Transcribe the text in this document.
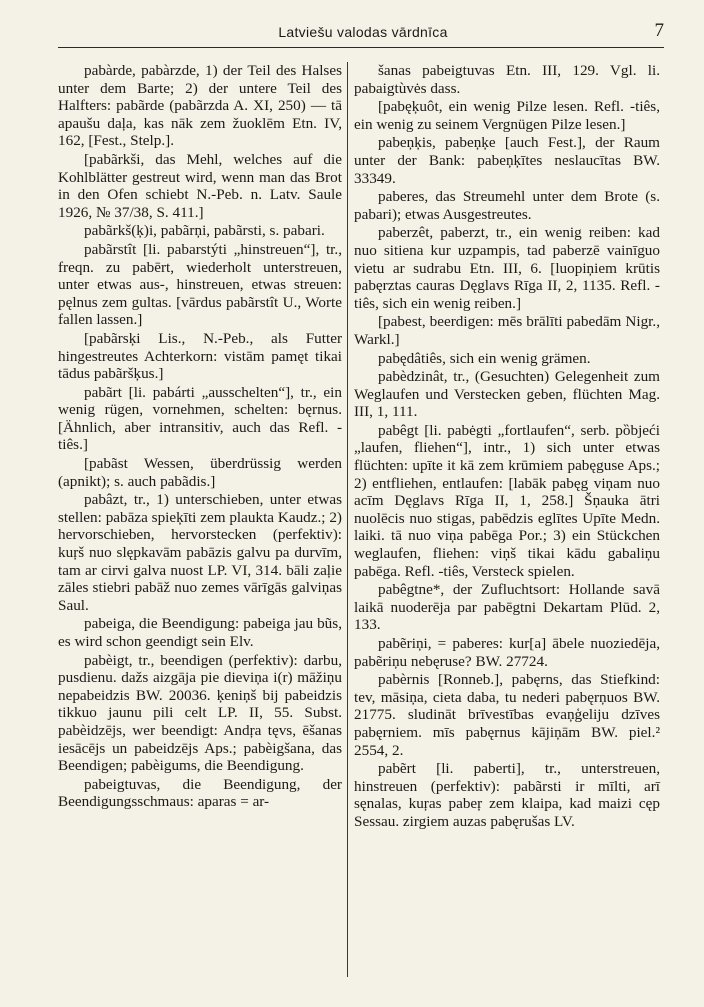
Latviešu valodas vārdnīca	7

pabàrde, pabàrzde, 1) der Teil des Halses unter dem Barte; 2) der untere Teil des Halfters: pabãrde (pabãrzda A. XI, 250) — tā apaušu daļa, kas nāk zem žuoklēm Etn. IV, 162, [Fest., Stelp.].

[pabãrkši, das Mehl, welches auf die Kohlblätter gestreut wird, wenn man das Brot in den Ofen schiebt N.-Peb. n. Latv. Saule 1926, № 37/38, S. 411.]

pabãrkš(ķ)i, pabãrņi, pabãrsti, s. pabari.

pabãrstît [li. pabarstýti „hinstreuen“], tr., freqn. zu pabērt, wiederholt unterstreuen, unter etwas aus-, hinstreuen, etwas streuen: pęlnus zem gultas. [vārdus pabãrstît U., Worte fallen lassen.]

[pabãrsķi Lis., N.-Peb., als Futter hingestreutes Achterkorn: vistām pamęt tikai tādus pabãršķus.]

pabãrt [li. pabárti „ausschelten“], tr., ein wenig rügen, vornehmen, schelten: bęrnus. [Ähnlich, aber intransitiv, auch das Refl. -tiês.]

[pabãst Wessen, überdrüssig werden (apnikt); s. auch pabãdis.]

pabâzt, tr., 1) unterschieben, unter etwas stellen: pabāza spieķīti zem plaukta Kaudz.; 2) hervorschieben, hervorstecken (perfektiv): kuŗš nuo slępkavām pabāzis galvu pa durvīm, tam ar cirvi galva nuost LP. VI, 314. bāli zaļie zāles stiebri pabāž nuo zemes vārīgās galviņas Saul.

pabeiga, die Beendigung: pabeiga jau bũs, es wird schon geendigt sein Elv.

pabèigt, tr., beendigen (perfektiv): darbu, pusdienu. dažs aizgāja pie dieviņa i(r) māžiņu nepabeidzis BW. 20036. ķeniņš bij pabeidzis tikkuo jaunu pili celt LP. II, 55. Subst. pabèidzējs, wer beendigt: Andŗa tęvs, ēšanas iesācējs un pabeidzējs Aps.; pabèigšana, das Beendigen; pabèigums, die Beendigung.

pabeigtuvas, die Beendigung, der Beendigungsschmaus: aparas = ar-

šanas pabeigtuvas Etn. III, 129. Vgl. li. pabaigtùvės dass.

[pabęķuôt, ein wenig Pilze lesen. Refl. -tiês, ein wenig zu seinem Vergnügen Pilze lesen.]

pabeņķis, pabeņķe [auch Fest.], der Raum unter der Bank: pabeņķītes neslaucītas BW. 33349.

paberes, das Streumehl unter dem Brote (s. pabari); etwas Ausgestreutes.

paberzêt, paberzt, tr., ein wenig reiben: kad nuo sitiena kur uzpampis, tad paberzē vainīguo vietu ar sudrabu Etn. III, 6. [luopiņiem krūtis pabęrztas cauras Dęglavs Rīga II, 2, 1135. Refl. -tiês, sich ein wenig reiben.]

[pabest, beerdigen: mēs brālīti pabedām Nigr., Warkl.]

pabędâtiês, sich ein wenig grämen.

pabèdzinât, tr., (Gesuchten) Gelegenheit zum Weglaufen und Verstecken geben, flüchten Mag. III, 1, 111.

pabêgt [li. pabėgti „fortlaufen“, serb. pȍbjeći „laufen, fliehen“], intr., 1) sich unter etwas flüchten: upīte it kā zem krūmiem pabęguse Aps.; 2) entfliehen, entlaufen: [labāk pabęg viņam nuo acīm Dęglavs Rīga II, 1, 258.] Šņauka ātri nuolēcis nuo stigas, pabēdzis eglītes Upīte Medn. laiki. tā nuo viņa pabēga Por.; 3) ein Stückchen weglaufen, fliehen: viņš tikai kādu gabaliņu pabēga. Refl. -tiês, Versteck spielen.

pabêgtne*, der Zufluchtsort: Hollande savā laikā nuoderēja par pabēgtni Dekartam Plūd. 2, 133.

pabẽriņi, = paberes: kur[a] ābele nuoziedēja, pabẽriņu nebęruse? BW. 27724.

pabèrnis [Ronneb.], pabęrns, das Stiefkind: tev, māsiņa, cieta daba, tu nederi pabęrņuos BW. 21775. sludināt brīvestības evaņģeliju dzīves pabęrniem. mīs pabęrnus kājiņām BW. piel.² 2554, 2.

pabẽrt [li. paberti], tr., unterstreuen, hinstreuen (perfektiv): pabãrsti ir mīlti, arī sęnalas, kuŗas pabeŗ zem klaipa, kad maizi cęp Sessau. zirgiem auzas pabęrušas LV.
